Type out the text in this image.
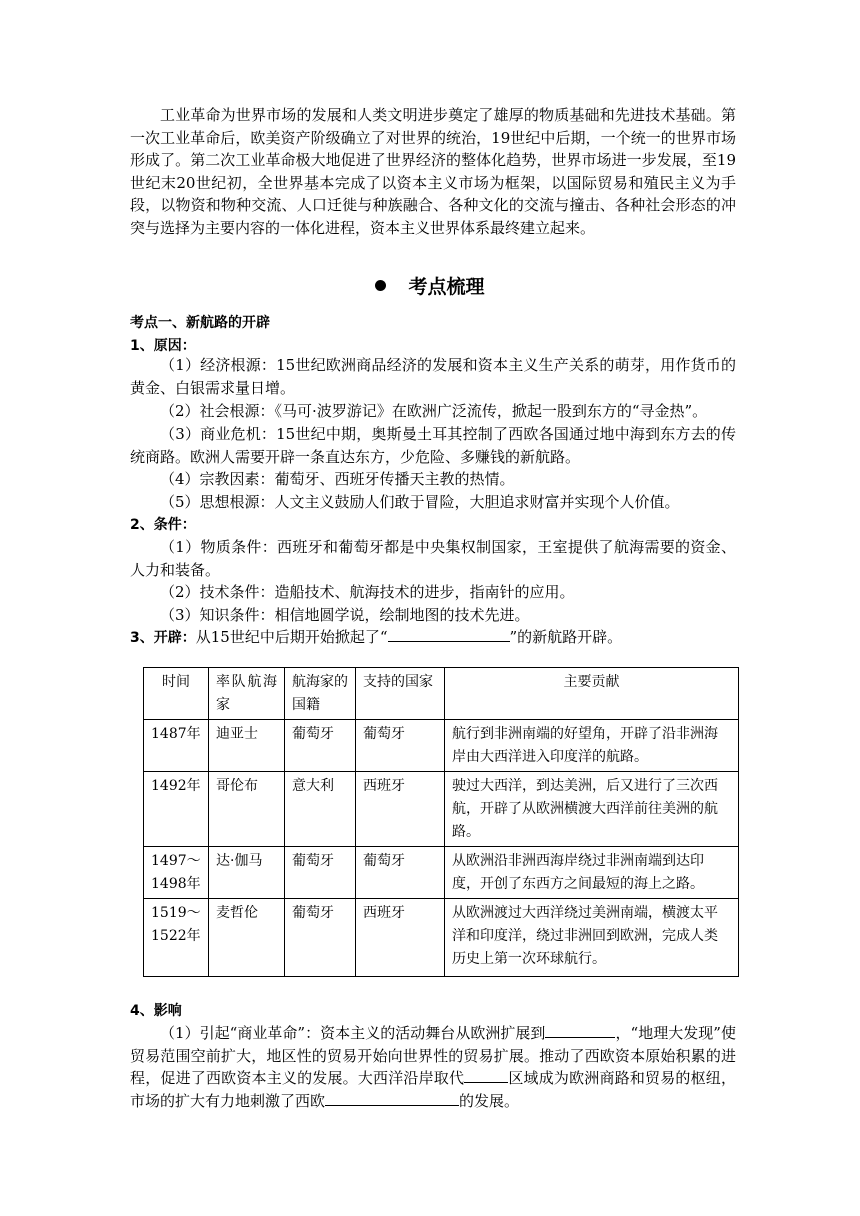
工业革命为世界市场的发展和人类文明进步奠定了雄厚的物质基础和先进技术基础。第一次工业革命后，欧美资产阶级确立了对世界的统治，19世纪中后期，一个统一的世界市场形成了。第二次工业革命极大地促进了世界经济的整体化趋势，世界市场进一步发展，至19世纪末20世纪初，全世界基本完成了以资本主义市场为框架，以国际贸易和殖民主义为手段，以物资和物种交流、人口迁徙与种族融合、各种文化的交流与撞击、各种社会形态的冲突与选择为主要内容的一体化进程，资本主义世界体系最终建立起来。
考点梳理
考点一、新航路的开辟
1、原因：
（1）经济根源：15世纪欧洲商品经济的发展和资本主义生产关系的萌芽，用作货币的黄金、白银需求量日增。
（2）社会根源：《马可·波罗游记》在欧洲广泛流传，掀起一股到东方的“寻金热”。
（3）商业危机：15世纪中期，奥斯曼土耳其控制了西欧各国通过地中海到东方去的传统商路。欧洲人需要开辟一条直达东方，少危险、多赚钱的新航路。
（4）宗教因素：葡萄牙、西班牙传播天主教的热情。
（5）思想根源：人文主义鼓励人们敢于冒险，大胆追求财富并实现个人价值。
2、条件：
（1）物质条件：西班牙和葡萄牙都是中央集权制国家，王室提供了航海需要的资金、人力和装备。
（2）技术条件：造船技术、航海技术的进步，指南针的应用。
（3）知识条件：相信地圆学说，绘制地图的技术先进。
3、开辟：从15世纪中后期开始掀起了“	”的新航路开辟。
时间	率队航海家	航海家的国籍	支持的国家	主要贡献
1487年	迪亚士	葡萄牙	葡萄牙	航行到非洲南端的好望角，开辟了沿非洲海岸由大西洋进入印度洋的航路。
1492年	哥伦布	意大利	西班牙	驶过大西洋，到达美洲，后又进行了三次西航，开辟了从欧洲横渡大西洋前往美洲的航路。
1497～1498年	达·伽马	葡萄牙	葡萄牙	从欧洲沿非洲西海岸绕过非洲南端到达印度，开创了东西方之间最短的海上之路。
1519～1522年	麦哲伦	葡萄牙	西班牙	从欧洲渡过大西洋绕过美洲南端，横渡太平洋和印度洋，绕过非洲回到欧洲，完成人类历史上第一次环球航行。
4、影响
（1）引起“商业革命”：资本主义的活动舞台从欧洲扩展到	，“地理大发现”使贸易范围空前扩大，地区性的贸易开始向世界性的贸易扩展。推动了西欧资本原始积累的进程，促进了西欧资本主义的发展。大西洋沿岸取代	区域成为欧洲商路和贸易的枢纽，市场的扩大有力地刺激了西欧	的发展。
